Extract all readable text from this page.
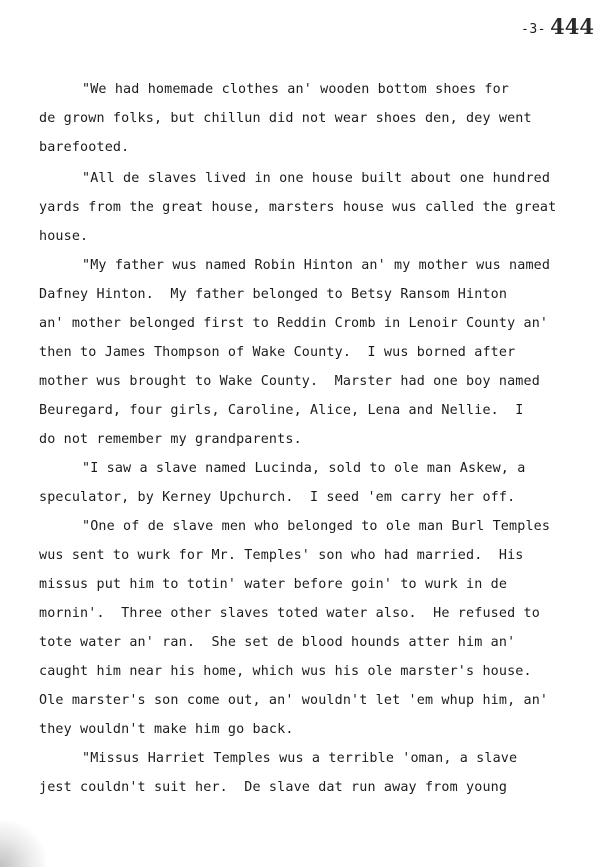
-3- 444

"We had homemade clothes an' wooden bottom shoes for

de grown folks, but chillun did not wear shoes den, dey went

barefooted.

"All de slaves lived in one house built about one hundred

yards from the great house, marsters house wus called the great

house.

"My father wus named Robin Hinton an' my mother wus named

Dafney Hinton.  My father belonged to Betsy Ransom Hinton

an' mother belonged first to Reddin Cromb in Lenoir County an'

then to James Thompson of Wake County.  I wus borned after

mother wus brought to Wake County.  Marster had one boy named

Beuregard, four girls, Caroline, Alice, Lena and Nellie.  I

do not remember my grandparents.

"I saw a slave named Lucinda, sold to ole man Askew, a

speculator, by Kerney Upchurch.  I seed 'em carry her off.

"One of de slave men who belonged to ole man Burl Temples

wus sent to wurk for Mr. Temples' son who had married.  His

missus put him to totin' water before goin' to wurk in de

mornin'.  Three other slaves toted water also.  He refused to

tote water an' ran.  She set de blood hounds atter him an'

caught him near his home, which wus his ole marster's house.

Ole marster's son come out, an' wouldn't let 'em whup him, an'

they wouldn't make him go back.

"Missus Harriet Temples wus a terrible 'oman, a slave

jest couldn't suit her.  De slave dat run away from young
